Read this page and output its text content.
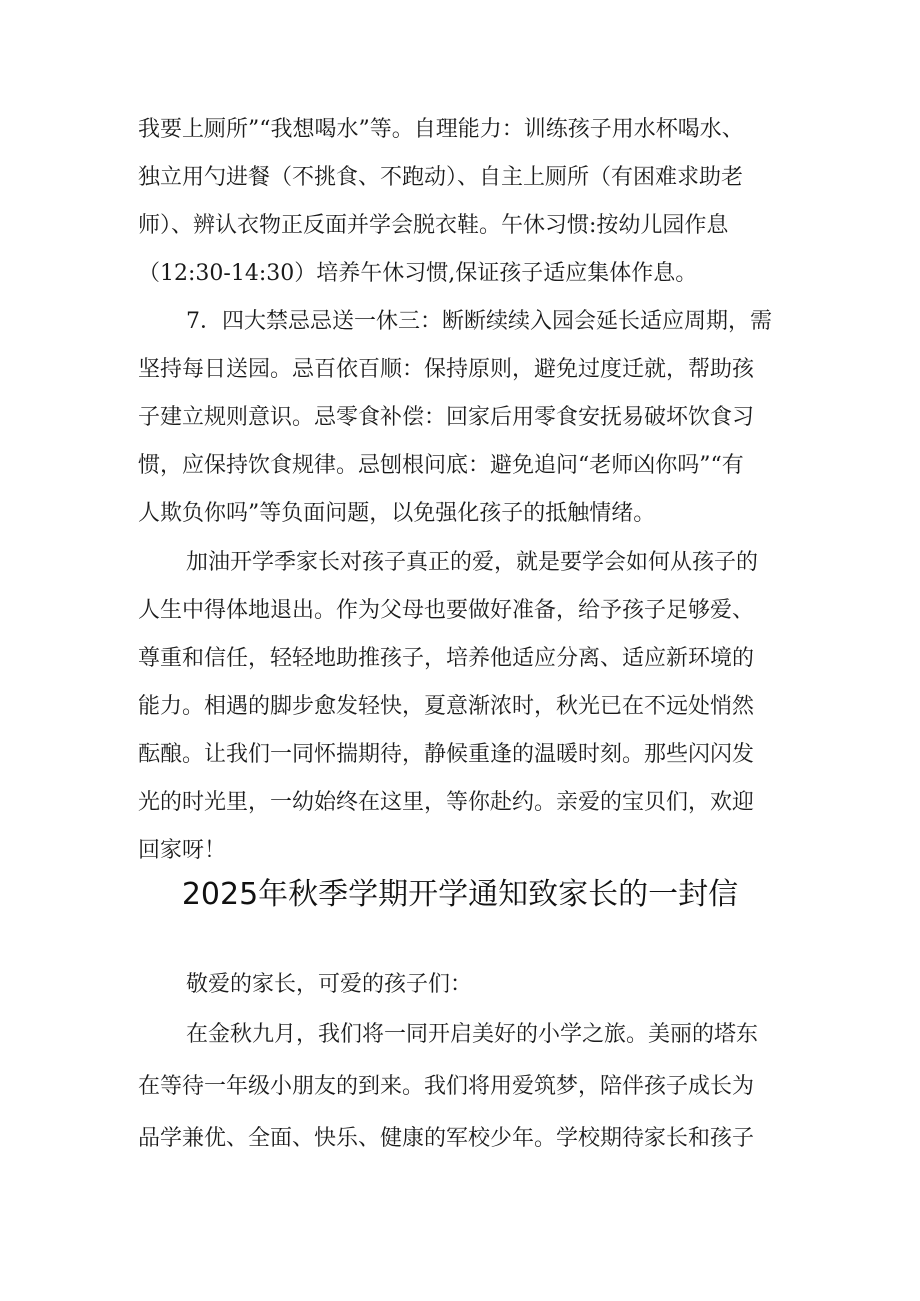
我要上厕所”“我想喝水”等。自理能力：训练孩子用水杯喝水、

独立用勺进餐（不挑食、不跑动）、自主上厕所（有困难求助老

师）、辨认衣物正反面并学会脱衣鞋。午休习惯:按幼儿园作息

（12:30-14:30）培养午休习惯,保证孩子适应集体作息。

7．四大禁忌忌送一休三：断断续续入园会延长适应周期，需

坚持每日送园。忌百依百顺：保持原则，避免过度迁就，帮助孩

子建立规则意识。忌零食补偿：回家后用零食安抚易破坏饮食习

惯，应保持饮食规律。忌刨根问底：避免追问“老师凶你吗”“有

人欺负你吗”等负面问题，以免强化孩子的抵触情绪。

加油开学季家长对孩子真正的爱，就是要学会如何从孩子的

人生中得体地退出。作为父母也要做好准备，给予孩子足够爱、

尊重和信任，轻轻地助推孩子，培养他适应分离、适应新环境的

能力。相遇的脚步愈发轻快，夏意渐浓时，秋光已在不远处悄然

酝酿。让我们一同怀揣期待，静候重逢的温暖时刻。那些闪闪发

光的时光里，一幼始终在这里，等你赴约。亲爱的宝贝们，欢迎

回家呀！

2025年秋季学期开学通知致家长的一封信

敬爱的家长，可爱的孩子们：

在金秋九月，我们将一同开启美好的小学之旅。美丽的塔东

在等待一年级小朋友的到来。我们将用爱筑梦，陪伴孩子成长为

品学兼优、全面、快乐、健康的军校少年。学校期待家长和孩子
